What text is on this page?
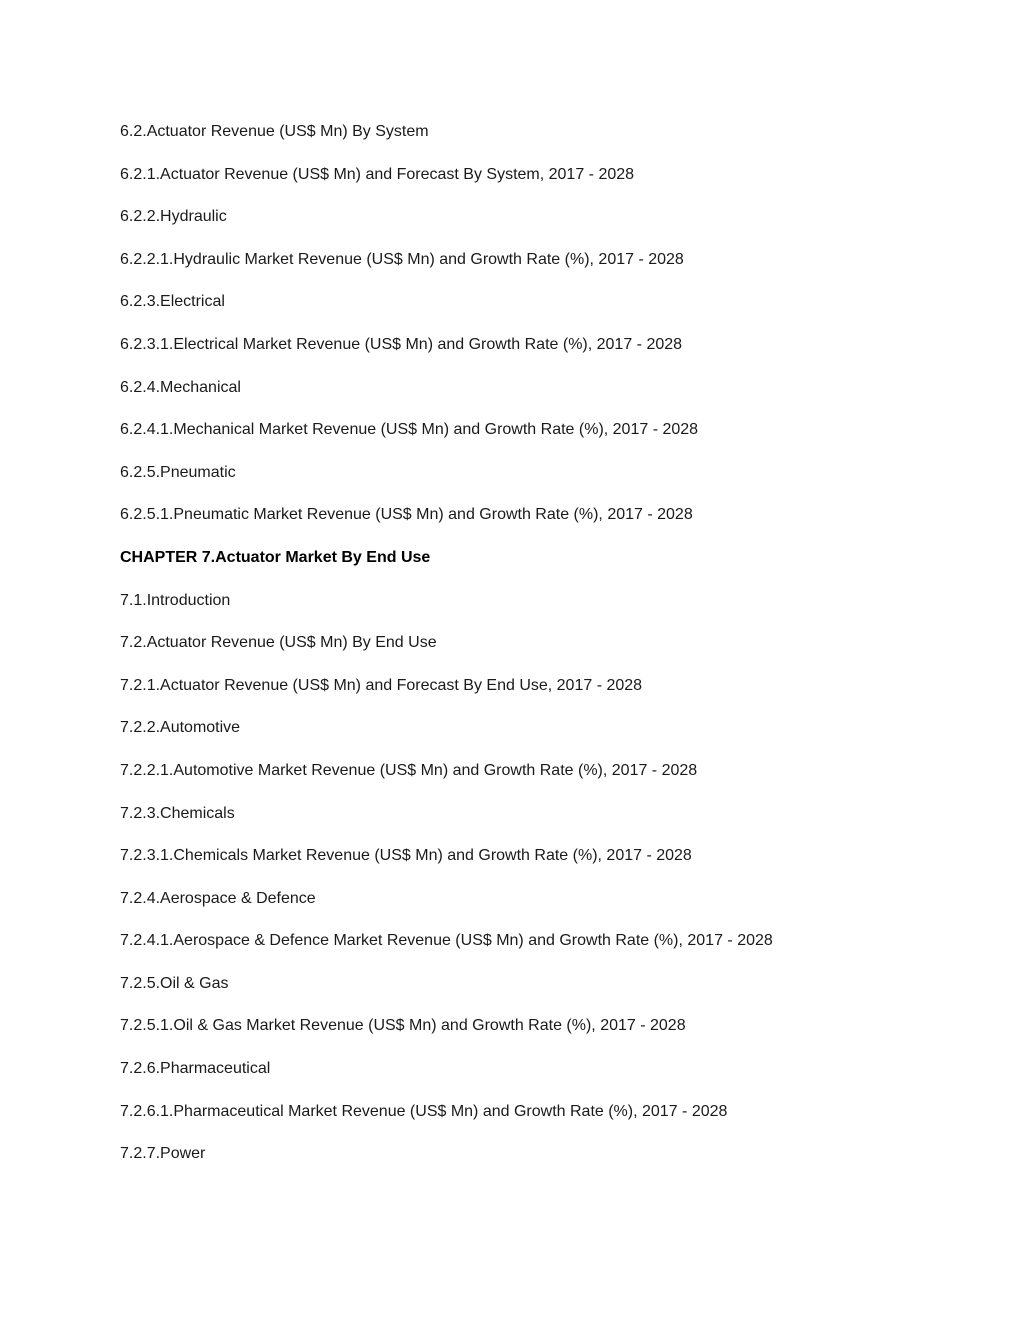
6.2.Actuator Revenue (US$ Mn) By System
6.2.1.Actuator Revenue (US$ Mn) and Forecast By System, 2017 - 2028
6.2.2.Hydraulic
6.2.2.1.Hydraulic Market Revenue (US$ Mn) and Growth Rate (%), 2017 - 2028
6.2.3.Electrical
6.2.3.1.Electrical Market Revenue (US$ Mn) and Growth Rate (%), 2017 - 2028
6.2.4.Mechanical
6.2.4.1.Mechanical Market Revenue (US$ Mn) and Growth Rate (%), 2017 - 2028
6.2.5.Pneumatic
6.2.5.1.Pneumatic Market Revenue (US$ Mn) and Growth Rate (%), 2017 - 2028
CHAPTER 7.Actuator Market By End Use
7.1.Introduction
7.2.Actuator Revenue (US$ Mn) By End Use
7.2.1.Actuator Revenue (US$ Mn) and Forecast By End Use, 2017 - 2028
7.2.2.Automotive
7.2.2.1.Automotive Market Revenue (US$ Mn) and Growth Rate (%), 2017 - 2028
7.2.3.Chemicals
7.2.3.1.Chemicals Market Revenue (US$ Mn) and Growth Rate (%), 2017 - 2028
7.2.4.Aerospace & Defence
7.2.4.1.Aerospace & Defence Market Revenue (US$ Mn) and Growth Rate (%), 2017 - 2028
7.2.5.Oil & Gas
7.2.5.1.Oil & Gas Market Revenue (US$ Mn) and Growth Rate (%), 2017 - 2028
7.2.6.Pharmaceutical
7.2.6.1.Pharmaceutical Market Revenue (US$ Mn) and Growth Rate (%), 2017 - 2028
7.2.7.Power
